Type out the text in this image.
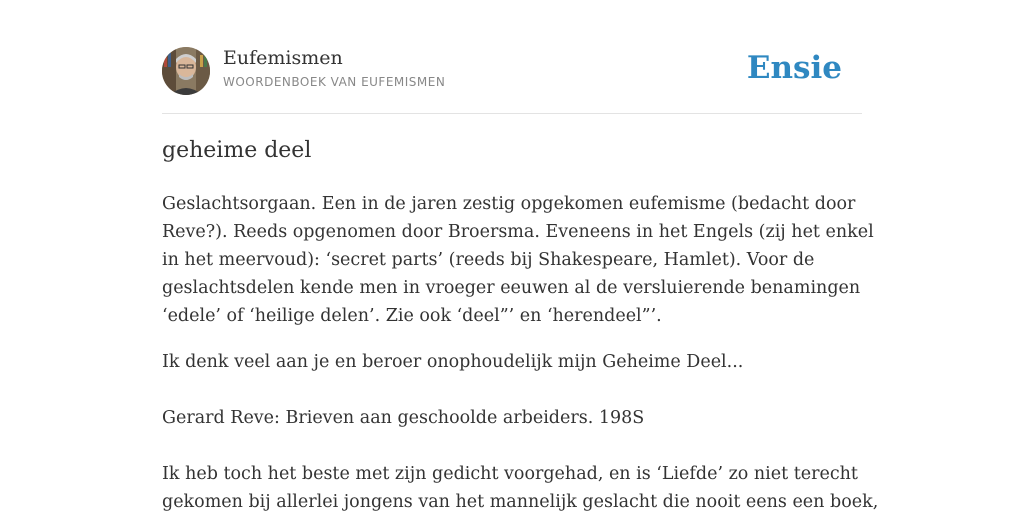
Eufemismen
WOORDENBOEK VAN EUFEMISMEN	Ensie
geheime deel

Geslachtsorgaan. Een in de jaren zestig opgekomen eufemisme (bedacht door
Reve?). Reeds opgenomen door Broersma. Eveneens in het Engels (zij het enkel
in het meervoud): ‘secret parts’ (reeds bij Shakespeare, Hamlet). Voor de
geslachtsdelen kende men in vroeger eeuwen al de versluierende benamingen
‘edele’ of ‘heilige delen’. Zie ook ‘deel”’ en ‘herendeel”’.

Ik denk veel aan je en beroer onophoudelijk mijn Geheime Deel...

Gerard Reve: Brieven aan geschoolde arbeiders. 198S

Ik heb toch het beste met zijn gedicht voorgehad, en is ‘Liefde’ zo niet terecht
gekomen bij allerlei jongens van het mannelijk geslacht die nooit eens een boek,
